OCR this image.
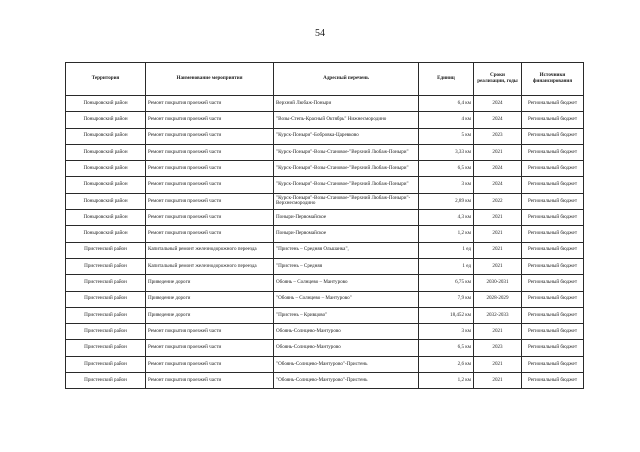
54
Территория	Наименование мероприятия	Адресный перечень	Единиц	Сроки реализации, годы	Источники финансирования
Поныровский район	Ремонт покрытия проезжей части	Верхний Любаж-Поныри	6,4 км	2024	Региональный бюджет
Поныровский район	Ремонт покрытия проезжей части	"Возы-Степь-Красный Октябрь" Нижнесмородино	4 км	2024	Региональный бюджет
Поныровский район	Ремонт покрытия проезжей части	"Курск-Поныри"-Бобровка-Царевково	5 км	2023	Региональный бюджет
Поныровский район	Ремонт покрытия проезжей части	"Курск-Поныри"-Возы-Становое-"Верхний Любаж-Поныри"	3,33 км	2021	Региональный бюджет
Поныровский район	Ремонт покрытия проезжей части	"Курск-Поныри"-Возы-Становое-"Верхний Любаж-Поныри"	6,5 км	2024	Региональный бюджет
Поныровский район	Ремонт покрытия проезжей части	"Курск-Поныри"-Возы-Становое-"Верхний Любаж-Поныри"	3 км	2024	Региональный бюджет
Поныровский район	Ремонт покрытия проезжей части	"Курск-Поныри"-Возы-Становое-"Верхний Любаж-Поныри"-Верхнесмородино	2,89 км	2022	Региональный бюджет
Поныровский район	Ремонт покрытия проезжей части	Поныри-Первомайское	4,3 км	2021	Региональный бюджет
Поныровский район	Ремонт покрытия проезжей части	Поныри-Первомайское	1,2 км	2021	Региональный бюджет
Пристенский район	Капитальный ремонт железнодорожного переезда	"Пристень – Средняя Ольшанка",	1 ед	2021	Региональный бюджет
Пристенский район	Капитальный ремонт железнодорожного переезда	"Пристень – Средняя	1 ед	2021	Региональный бюджет
Пристенский район	Приведение дороги	Обоянь – Солнцево – Мантурово	6,75 км	2030-2031	Региональный бюджет
Пристенский район	Приведение дороги	"Обоянь – Солнцево – Мантурово"	7,9 км	2028-2029	Региональный бюджет
Пристенский район	Приведение дороги	"Пристень – Кривцово"	18,452 км	2032-2033	Региональный бюджет
Пристенский район	Ремонт покрытия проезжей части	Обоянь-Солнцево-Мантурово	3 км	2021	Региональный бюджет
Пристенский район	Ремонт покрытия проезжей части	Обоянь-Солнцево-Мантурово	6,5 км	2023	Региональный бюджет
Пристенский район	Ремонт покрытия проезжей части	"Обоянь-Солнцево-Мантурово"-Пристень	2,6 км	2021	Региональный бюджет
Пристенский район	Ремонт покрытия проезжей части	"Обоянь-Солнцево-Мантурово"-Пристень	1,2 км	2021	Региональный бюджет
